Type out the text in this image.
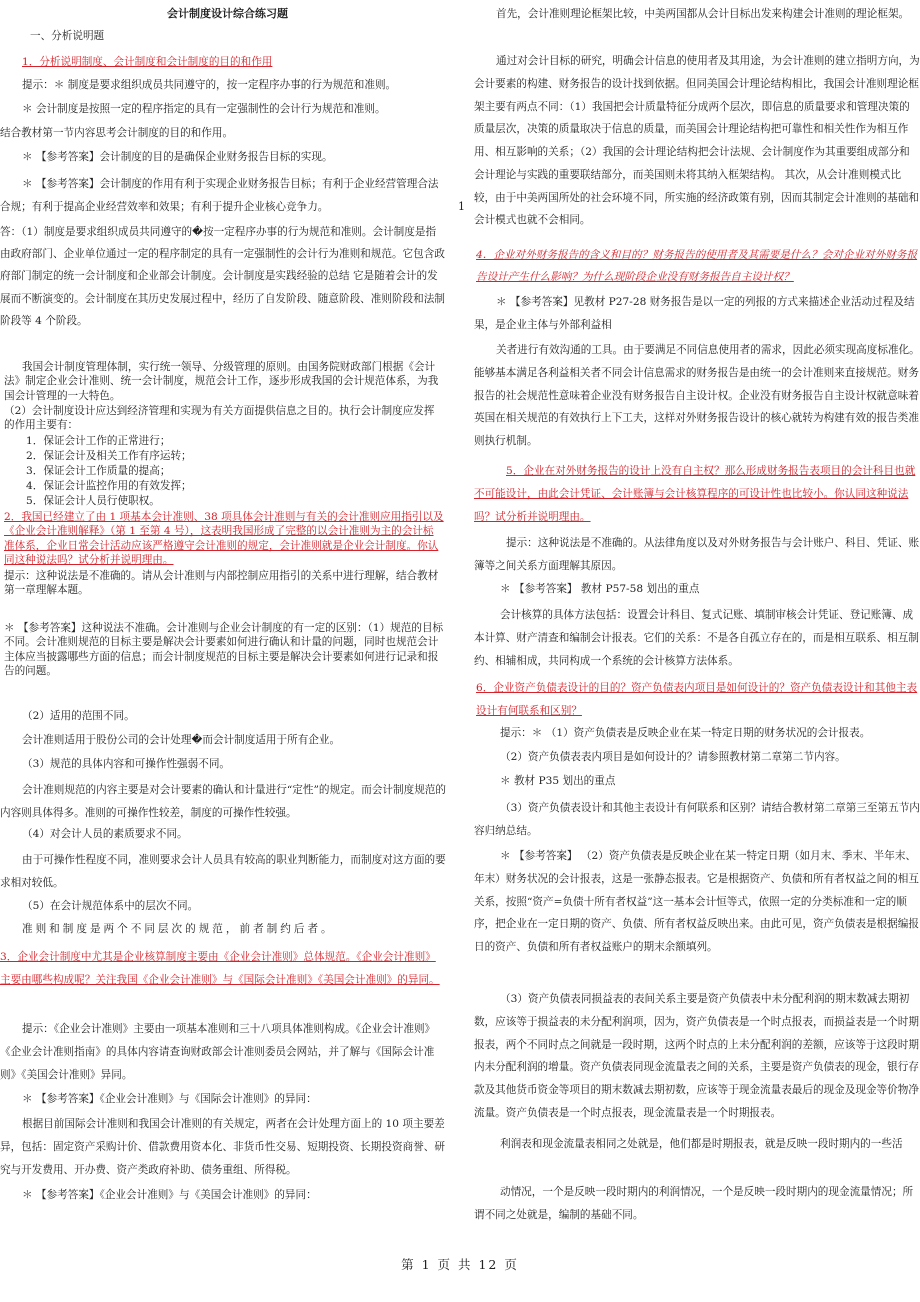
会计制度设计综合练习题

一、分析说明题

1．分析说明制度、会计制度和会计制度的目的和作用

提示：＊ 制度是要求组织成员共同遵守的，按一定程序办事的行为规范和准则。

＊ 会计制度是按照一定的程序指定的具有一定强制性的会计行为规范和准则。

结合教材第一节内容思考会计制度的目的和作用。

＊ 【参考答案】会计制度的目的是确保企业财务报告目标的实现。

＊ 【参考答案】会计制度的作用有利于实现企业财务报告目标；有利于企业经营管理合法合规；有利于提高企业经营效率和效果；有利于提升企业核心竞争力。

答：（1）制度是要求组织成员共同遵守的�按一定程序办事的行为规范和准则。会计制度是指由政府部门、企业单位通过一定的程序制定的具有一定强制性的会计行为准则和规范。它包含政府部门制定的统一会计制度和企业部会计制度。会计制度是实践经验的总结 它是随着会计的发展而不断演变的。会计制度在其历史发展过程中，经历了自发阶段、随意阶段、准则阶段和法制阶段等 4 个阶段。

我国会计制度管理体制，实行统一领导、分级管理的原则。由国务院财政部门根据《会计法》制定企业会计准则、统一会计制度，规范会计工作，逐步形成我国的会计规范体系，为我国会计管理的一大特色。

（2）会计制度设计应达到经济管理和实现为有关方面提供信息之目的。执行会计制度应发挥的作用主要有：

1．保证会计工作的正常进行；

2．保证会计及相关工作有序运转；

3．保证会计工作质量的提高；

4．保证会计监控作用的有效发挥；

5．保证会计人员行使职权。

2．我国已经建立了由 1 项基本会计准则、38 项具体会计准则与有关的会计准则应用指引以及《企业会计准则解释》（第 1 至第 4 号），这表明我国形成了完整的以会计准则为主的会计标准体系，企业日常会计活动应该严格遵守会计准则的规定，会计准则就是企业会计制度。你认同这种说法吗？试分析并说明理由。

提示：这种说法是不准确的。请从会计准则与内部控制应用指引的关系中进行理解，结合教材第一章理解本题。

＊ 【参考答案】这种说法不准确。会计准则与企业会计制度的有一定的区别：（1）规范的目标不同。会计准则规范的目标主要是解决会计要素如何进行确认和计量的问题，同时也规范会计主体应当披露哪些方面的信息；而会计制度规范的目标主要是解决会计要素如何进行记录和报告的问题。

（2）适用的范围不同。

会计准则适用于股份公司的会计处理�而会计制度适用于所有企业。

（3）规范的具体内容和可操作性强弱不同。

会计准则规范的内容主要是对会计要素的确认和计量进行“定性”的规定。而会计制度规范的内容则具体得多。准则的可操作性较差，制度的可操作性较强。

（4）对会计人员的素质要求不同。

由于可操作性程度不同，准则要求会计人员具有较高的职业判断能力，而制度对这方面的要求相对较低。

（5）在会计规范体系中的层次不同。

准则和制度是两个不同层次的规范，前者制约后者。

3．企业会计制度中尤其是企业核算制度主要由《企业会计准则》总体规范。《企业会计准则》主要由哪些构成呢？关注我国《企业会计准则》与《国际会计准则》《美国会计准则》的异同。

提示：《企业会计准则》主要由一项基本准则和三十八项具体准则构成。《企业会计准则》《企业会计准则指南》的具体内容请查询财政部会计准则委员会网站，并了解与《国际会计准则》《美国会计准则》异同。

＊ 【参考答案】《企业会计准则》与《国际会计准则》的异同：

根据目前国际会计准则和我国会计准则的有关规定，两者在会计处理方面上的 10 项主要差异，包括：固定资产采购计价、借款费用资本化、非货币性交易、短期投资、长期投资商誉、研究与开发费用、开办费、资产类政府补助、债务重组、所得税。

＊ 【参考答案】《企业会计准则》与《美国会计准则》的异同：

1

首先，会计准则理论框架比较，中美两国都从会计目标出发来构建会计准则的理论框架。

通过对会计目标的研究，明确会计信息的使用者及其用途，为会计准则的建立指明方向，为会计要素的构建、财务报告的设计找到依据。但同美国会计理论结构相比，我国会计准则理论框架主要有两点不同：（1）我国把会计质量特征分成两个层次，即信息的质量要求和管理决策的质量层次，决策的质量取决于信息的质量，而美国会计理论结构把可靠性和相关性作为相互作用、相互影响的关系；（2）我国的会计理论结构把会计法规、会计制度作为其重要组成部分和会计理论与实践的重要联结部分，而美国则未将其纳入框架结构。 其次，从会计准则模式比较，由于中美两国所处的社会环境不同，所实施的经济政策有别，因而其制定会计准则的基础和会计模式也就不会相同。

4．企业对外财务报告的含义和目的？财务报告的使用者及其需要是什么？会对企业对外财务报告设计产生什么影响？为什么现阶段企业没有财务报告自主设计权？

＊ 【参考答案】见教材 P27-28 财务报告是以一定的列报的方式来描述企业活动过程及结果，是企业主体与外部利益相

关者进行有效沟通的工具。由于要满足不同信息使用者的需求，因此必须实现高度标准化。能够基本满足各利益相关者不同会计信息需求的财务报告是由统一的会计准则来直接规范。财务报告的社会规范性意味着企业没有财务报告自主设计权。企业没有财务报告自主设计权就意味着英国在相关规范的有效执行上下工夫，这样对外财务报告设计的核心就转为构建有效的报告类准则执行机制。

5．企业在对外财务报告的设计上没有自主权？那么形成财务报告表项目的会计科目也就不可能设计，由此会计凭证、会计账簿与会计核算程序的可设计性也比较小。你认同这种说法吗？试分析并说明理由。

提示：这种说法是不准确的。从法律角度以及对外财务报告与会计账户、科目、凭证、账簿等之间关系方面理解其原因。

＊ 【参考答案】 教材 P57-58 划出的重点

会计核算的具体方法包括：设置会计科目、复式记账、填制审核会计凭证、登记账簿、成本计算、财产清查和编制会计报表。它们的关系：不是各自孤立存在的，而是相互联系、相互制约、相辅相成，共同构成一个系统的会计核算方法体系。

6．企业资产负债表设计的目的？资产负债表内项目是如何设计的？资产负债表设计和其他主表设计有何联系和区别？

提示：＊ （1）资产负债表是反映企业在某一特定日期的财务状况的会计报表。

（2）资产负债表表内项目是如何设计的？请参照教材第二章第二节内容。

＊ 教材 P35 划出的重点

（3）资产负债表设计和其他主表设计有何联系和区别？请结合教材第二章第三至第五节内容归纳总结。

＊ 【参考答案】 （2）资产负债表是反映企业在某一特定日期（如月末、季末、半年末、年末）财务状况的会计报表，这是一张静态报表。它是根据资产、负债和所有者权益之间的相互关系，按照“资产=负债十所有者权益”这一基本会计恒等式，依照一定的分类标准和一定的顺序，把企业在一定日期的资产、负债、所有者权益反映出来。由此可见，资产负债表是根据编报日的资产、负债和所有者权益账户的期末余额填列。

（3）资产负债表同损益表的表间关系主要是资产负债表中未分配利润的期末数减去期初数，应该等于损益表的未分配利润项，因为，资产负债表是一个时点报表，而损益表是一个时期报表，两个不同时点之间就是一段时期，这两个时点的上未分配利润的差额，应该等于这段时期内未分配利润的增量。资产负债表同现金流量表之间的关系，主要是资产负债表的现金，银行存款及其他货币资金等项目的期末数减去期初数，应该等于现金流量表最后的现金及现金等价物净流量。资产负债表是一个时点报表，现金流量表是一个时期报表。

利润表和现金流量表相同之处就是，他们都是时期报表，就是反映一段时期内的一些活

动情况，一个是反映一段时期内的利润情况，一个是反映一段时期内的现金流量情况；所谓不同之处就是，编制的基础不同。

第 1 页 共 12 页
